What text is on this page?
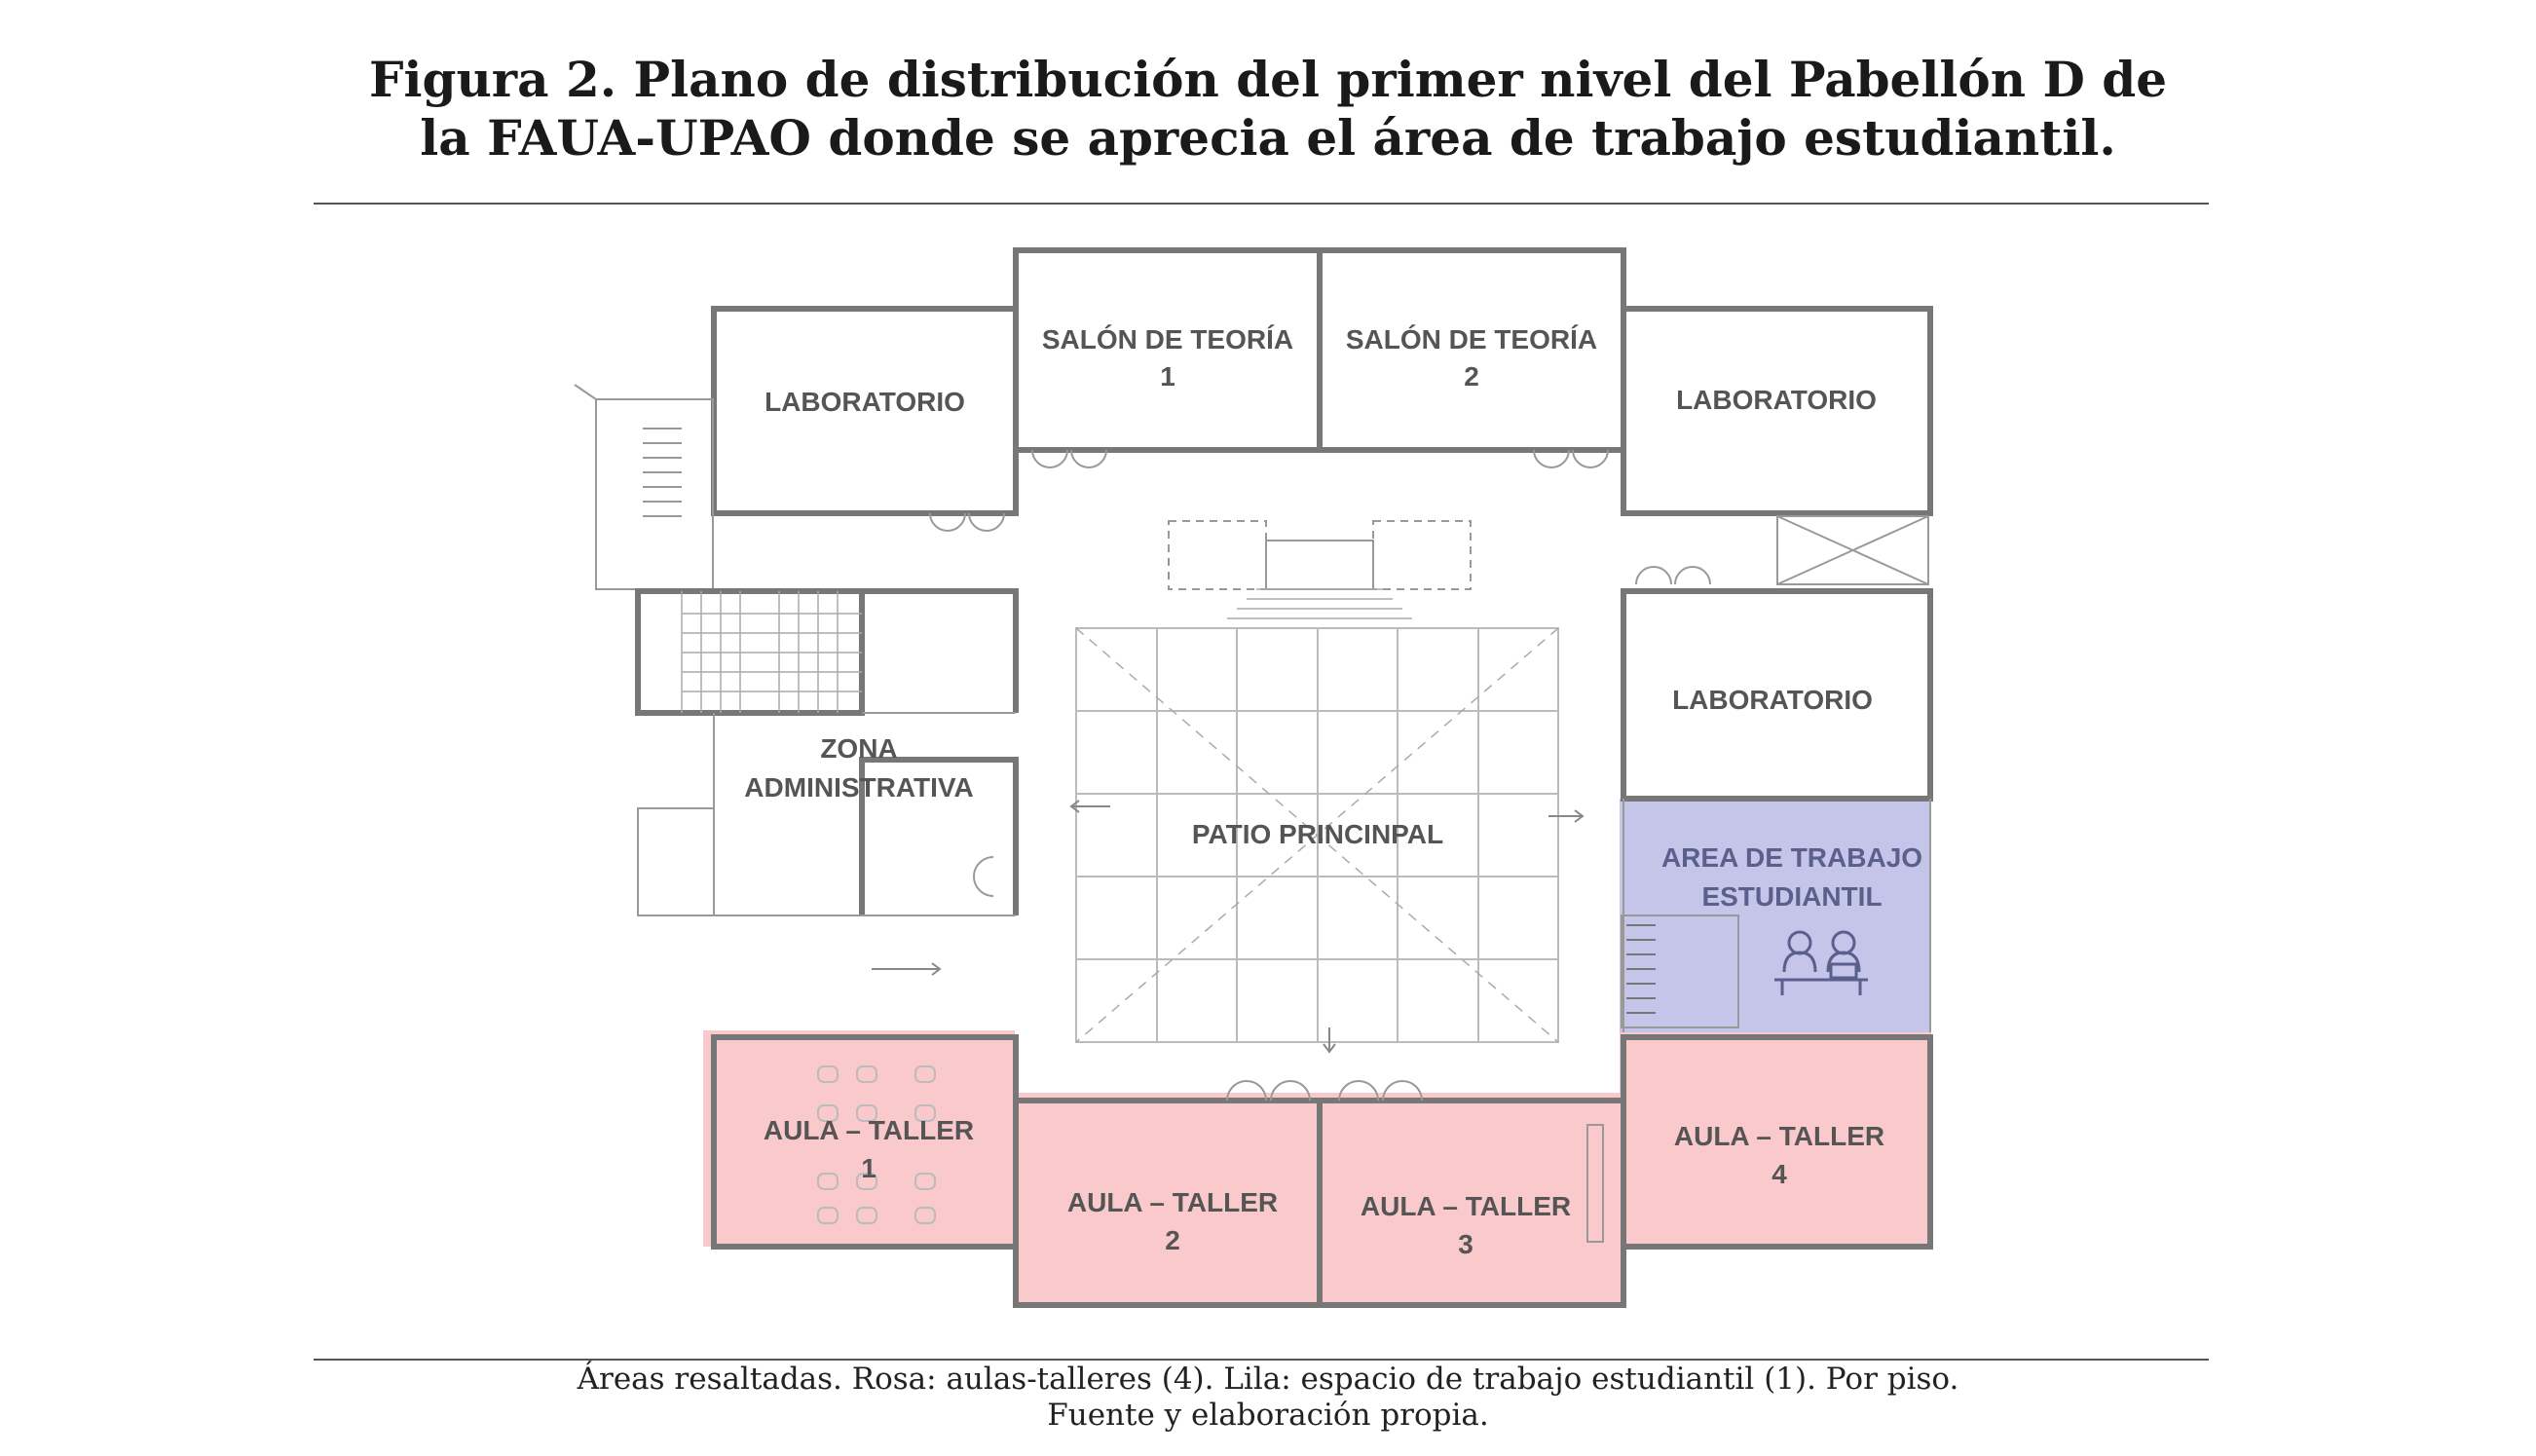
Figura 2. Plano de distribución del primer nivel del Pabellón D de
la FAUA-UPAO donde se aprecia el área de trabajo estudiantil.
LABORATORIO
SALÓN DE TEORÍA
1
SALÓN DE TEORÍA
2
LABORATORIO
LABORATORIO
ZONA
ADMINISTRATIVA
PATIO PRINCINPAL
AREA DE TRABAJO
ESTUDIANTIL
AULA – TALLER
1
AULA – TALLER
2
AULA – TALLER
3
AULA – TALLER
4
Áreas resaltadas. Rosa: aulas-talleres (4). Lila: espacio de trabajo estudiantil (1). Por piso.
Fuente y elaboración propia.
